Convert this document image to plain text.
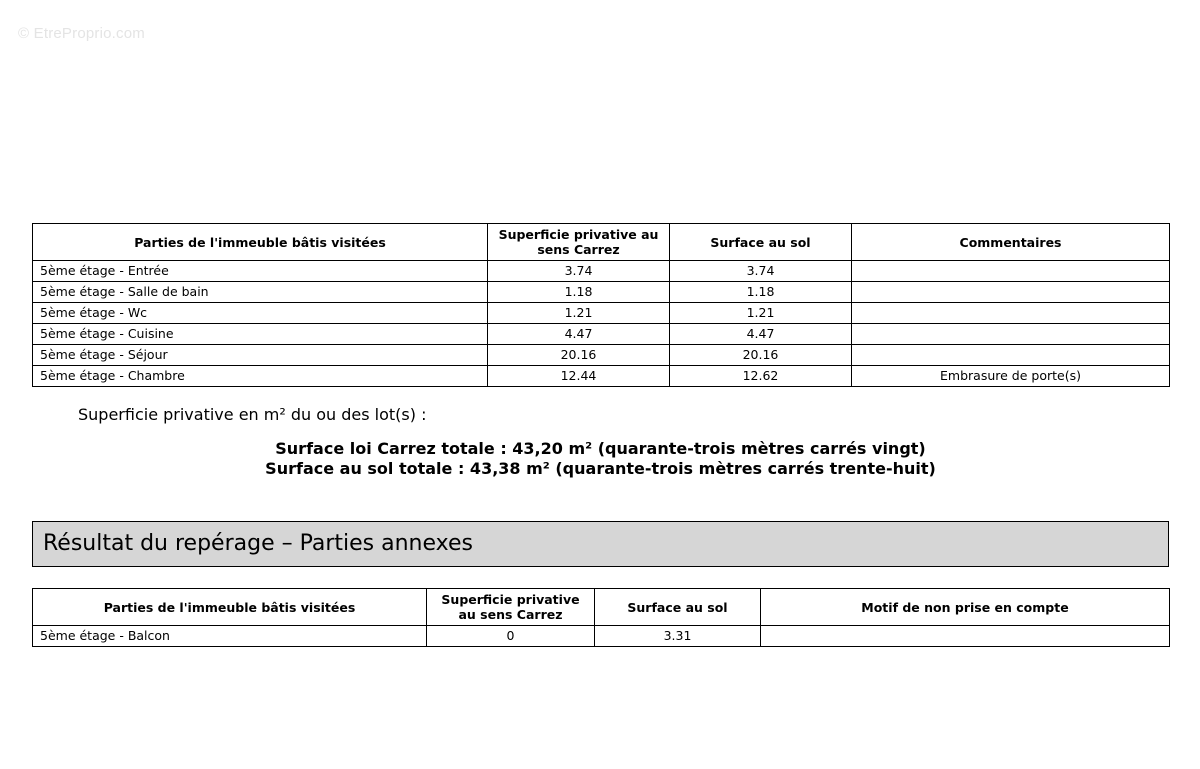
© EtreProprio.com
Parties de l'immeuble bâtis visitées	Superficie privative au sens Carrez	Surface au sol	Commentaires
5ème étage - Entrée	3.74	3.74	
5ème étage - Salle de bain	1.18	1.18	
5ème étage - Wc	1.21	1.21	
5ème étage - Cuisine	4.47	4.47	
5ème étage - Séjour	20.16	20.16	
5ème étage - Chambre	12.44	12.62	Embrasure de porte(s)
Superficie privative en m² du ou des lot(s) :
Surface loi Carrez totale : 43,20 m² (quarante-trois mètres carrés vingt)
Surface au sol totale : 43,38 m² (quarante-trois mètres carrés trente-huit)
Résultat du repérage – Parties annexes
Parties de l'immeuble bâtis visitées	Superficie privative au sens Carrez	Surface au sol	Motif de non prise en compte
5ème étage - Balcon	0	3.31	
